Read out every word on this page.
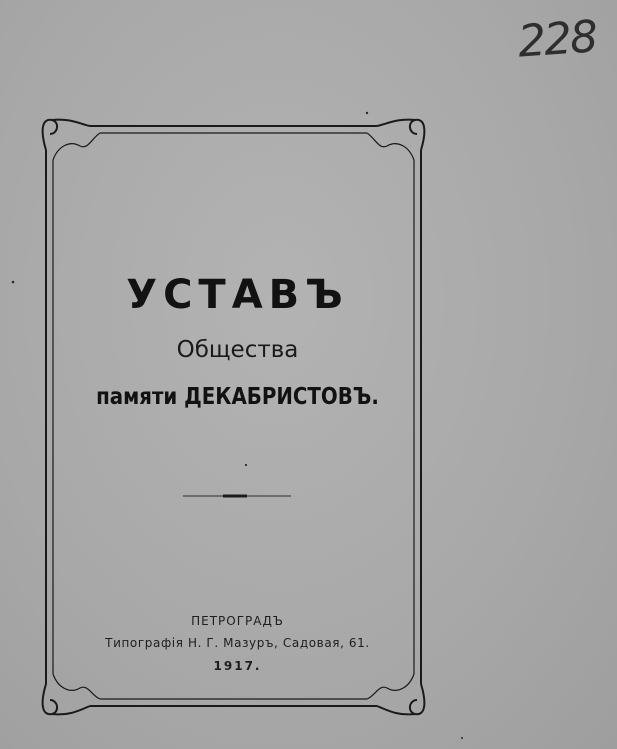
228
УСТАВЪ
Общества
памяти ДЕКАБРИСТОВЪ.
ПЕТРОГРАДЪ
Типографія Н. Г. Мазуръ, Садовая, 61.
1917.
